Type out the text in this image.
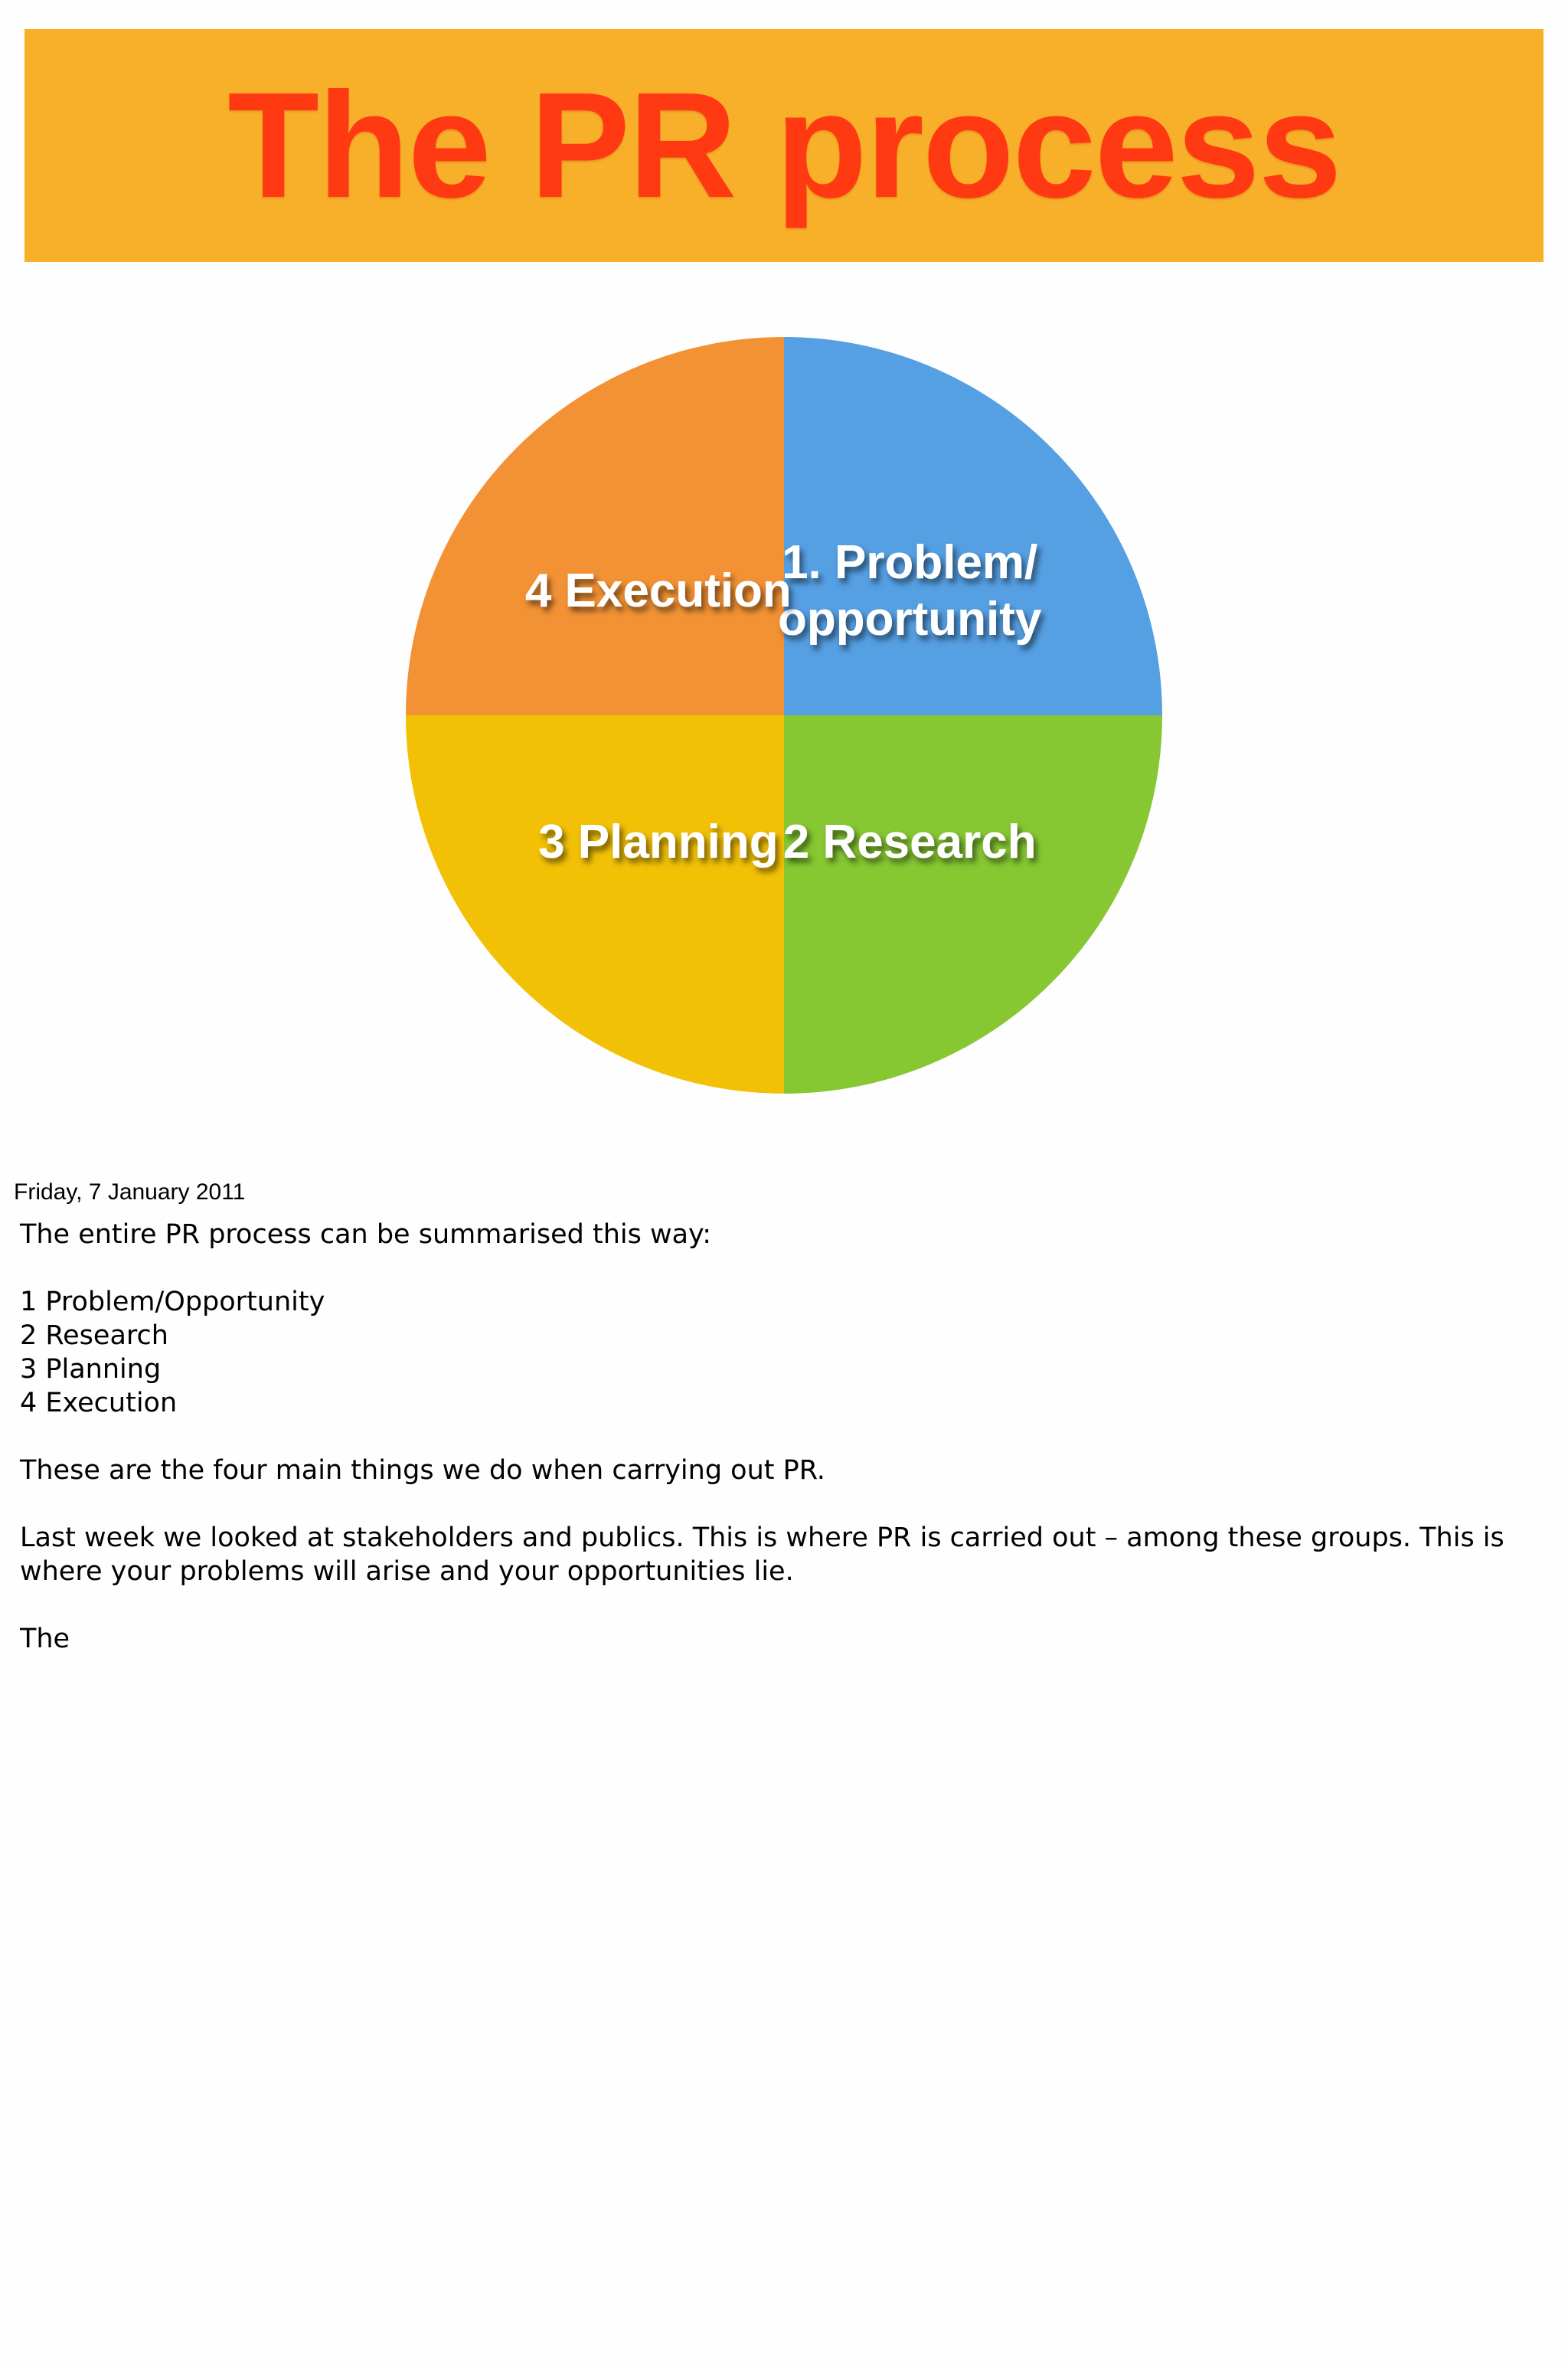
The PR process
1. Problem/ opportunity
2 Research
3 Planning
4 Execution
Friday, 7 January 2011

The entire PR process can be summarised this way:

1 Problem/Opportunity

2 Research

3 Planning

4 Execution

These are the four main things we do when carrying out PR.

Last week we looked at stakeholders and publics. This is where PR is carried out – among these groups. This is where your problems will arise and your opportunities lie.

The
